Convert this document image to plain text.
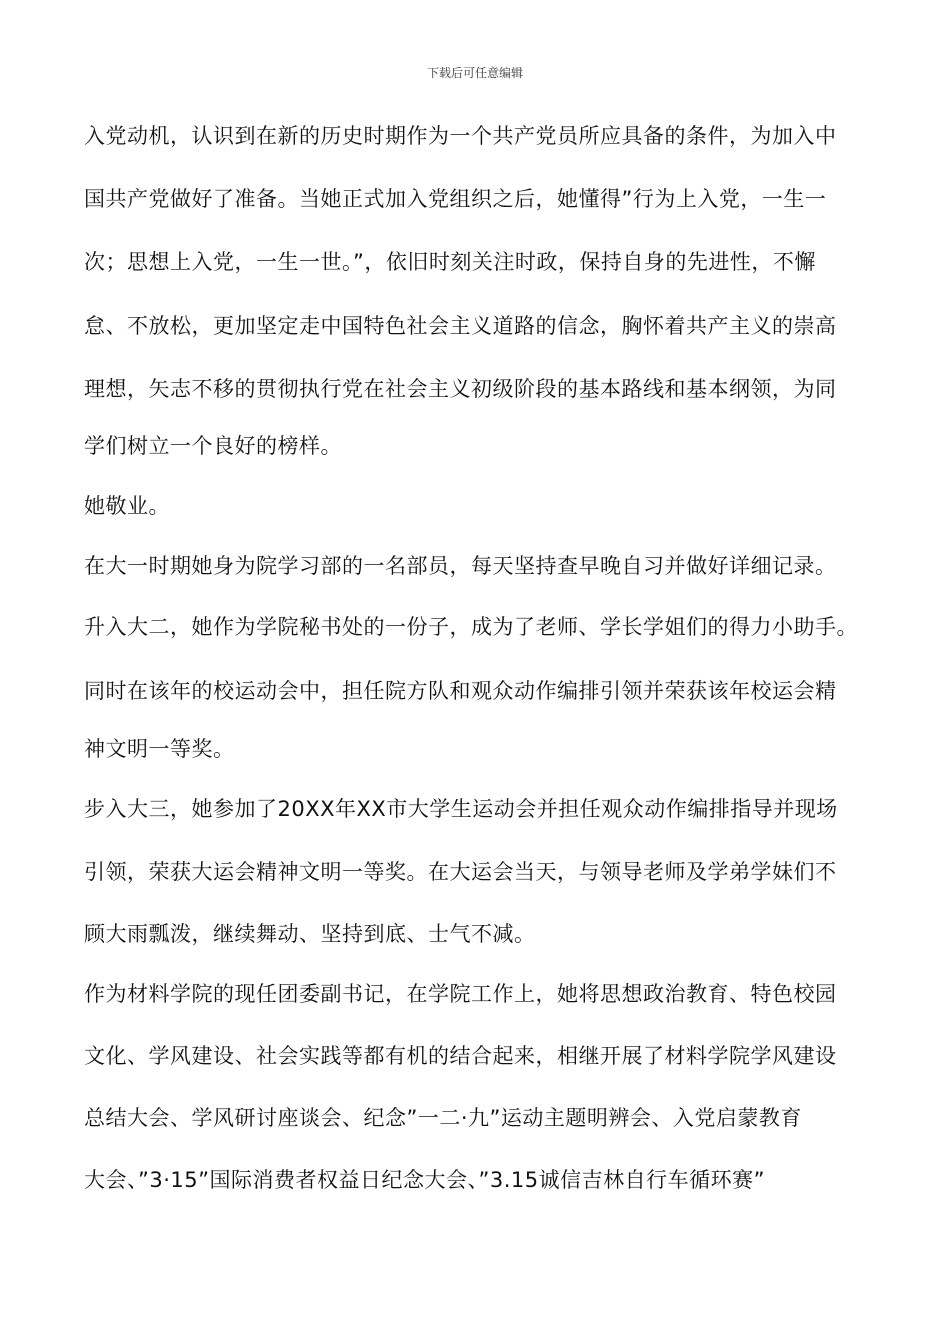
下载后可任意编辑
入党动机，认识到在新的历史时期作为一个共产党员所应具备的条件，为加入中
国共产党做好了准备。当她正式加入党组织之后，她懂得”行为上入党，一生一
次；思想上入党，一生一世。”，依旧时刻关注时政，保持自身的先进性，不懈
怠、不放松，更加坚定走中国特色社会主义道路的信念，胸怀着共产主义的崇高
理想，矢志不移的贯彻执行党在社会主义初级阶段的基本路线和基本纲领，为同
学们树立一个良好的榜样。
她敬业。
在大一时期她身为院学习部的一名部员，每天坚持查早晚自习并做好详细记录。
升入大二，她作为学院秘书处的一份子，成为了老师、学长学姐们的得力小助手。
同时在该年的校运动会中，担任院方队和观众动作编排引领并荣获该年校运会精
神文明一等奖。
步入大三，她参加了20XX年XX市大学生运动会并担任观众动作编排指导并现场
引领，荣获大运会精神文明一等奖。在大运会当天，与领导老师及学弟学妹们不
顾大雨瓢泼，继续舞动、坚持到底、士气不减。
作为材料学院的现任团委副书记，在学院工作上，她将思想政治教育、特色校园
文化、学风建设、社会实践等都有机的结合起来，相继开展了材料学院学风建设
总结大会、学风研讨座谈会、纪念”一二·九”运动主题明辨会、入党启蒙教育
大会、”3·15”国际消费者权益日纪念大会、”3.15诚信吉林自行车循环赛”
